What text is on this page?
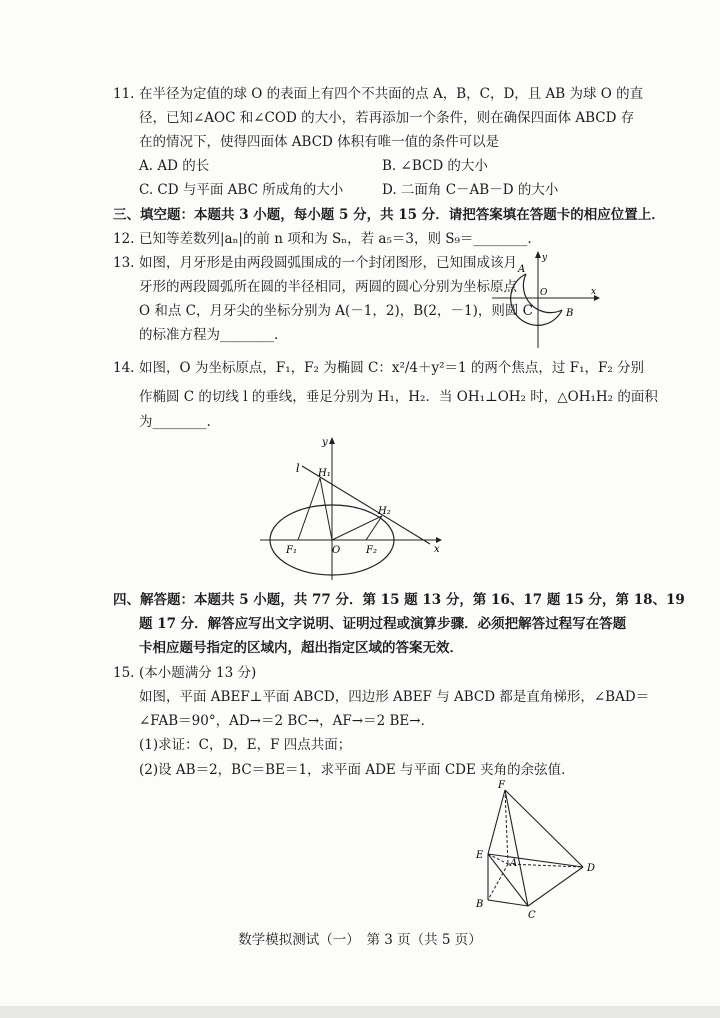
11. 在半径为定值的球 O 的表面上有四个不共面的点 A，B，C，D，且 AB 为球 O 的直
径，已知∠AOC 和∠COD 的大小，若再添加一个条件，则在确保四面体 ABCD 存
在的情况下，使得四面体 ABCD 体积有唯一值的条件可以是
A. AD 的长	B. ∠BCD 的大小
C. CD 与平面 ABC 所成角的大小	D. 二面角 C－AB－D 的大小
三、填空题：本题共 3 小题，每小题 5 分，共 15 分．请把答案填在答题卡的相应位置上．
12. 已知等差数列|aₙ|的前 n 项和为 Sₙ，若 a₅＝3，则 S₉＝________.
13. 如图，月牙形是由两段圆弧围成的一个封闭图形，已知围成该月
牙形的两段圆弧所在圆的半径相同，两圆的圆心分别为坐标原点
O 和点 C，月牙尖的坐标分别为 A(－1，2)，B(2，－1)，则圆 C
的标准方程为________.
A
B
O	x
y
14. 如图，O 为坐标原点，F₁，F₂ 为椭圆 C：x²/4＋y²＝1 的两个焦点，过 F₁，F₂ 分别
作椭圆 C 的切线 l 的垂线，垂足分别为 H₁，H₂．当 OH₁⊥OH₂ 时，△OH₁H₂ 的面积
为________.
l H₁
H₂
F₁	F₂
O	x
y
四、解答题：本题共 5 小题，共 77 分．第 15 题 13 分，第 16、17 题 15 分，第 18、19
题 17 分．解答应写出文字说明、证明过程或演算步骤．必须把解答过程写在答题
卡相应题号指定的区域内，超出指定区域的答案无效．
15. (本小题满分 13 分)
如图，平面 ABEF⊥平面 ABCD，四边形 ABEF 与 ABCD 都是直角梯形，∠BAD＝
∠FAB＝90°，AD→＝2 BC→，AF→＝2 BE→．
(1)求证：C，D，E，F 四点共面；
(2)设 AB＝2，BC＝BE＝1，求平面 ADE 与平面 CDE 夹角的余弦值．
F
E
A	D
B
C
数学模拟测试（一）　第 3 页（共 5 页）
